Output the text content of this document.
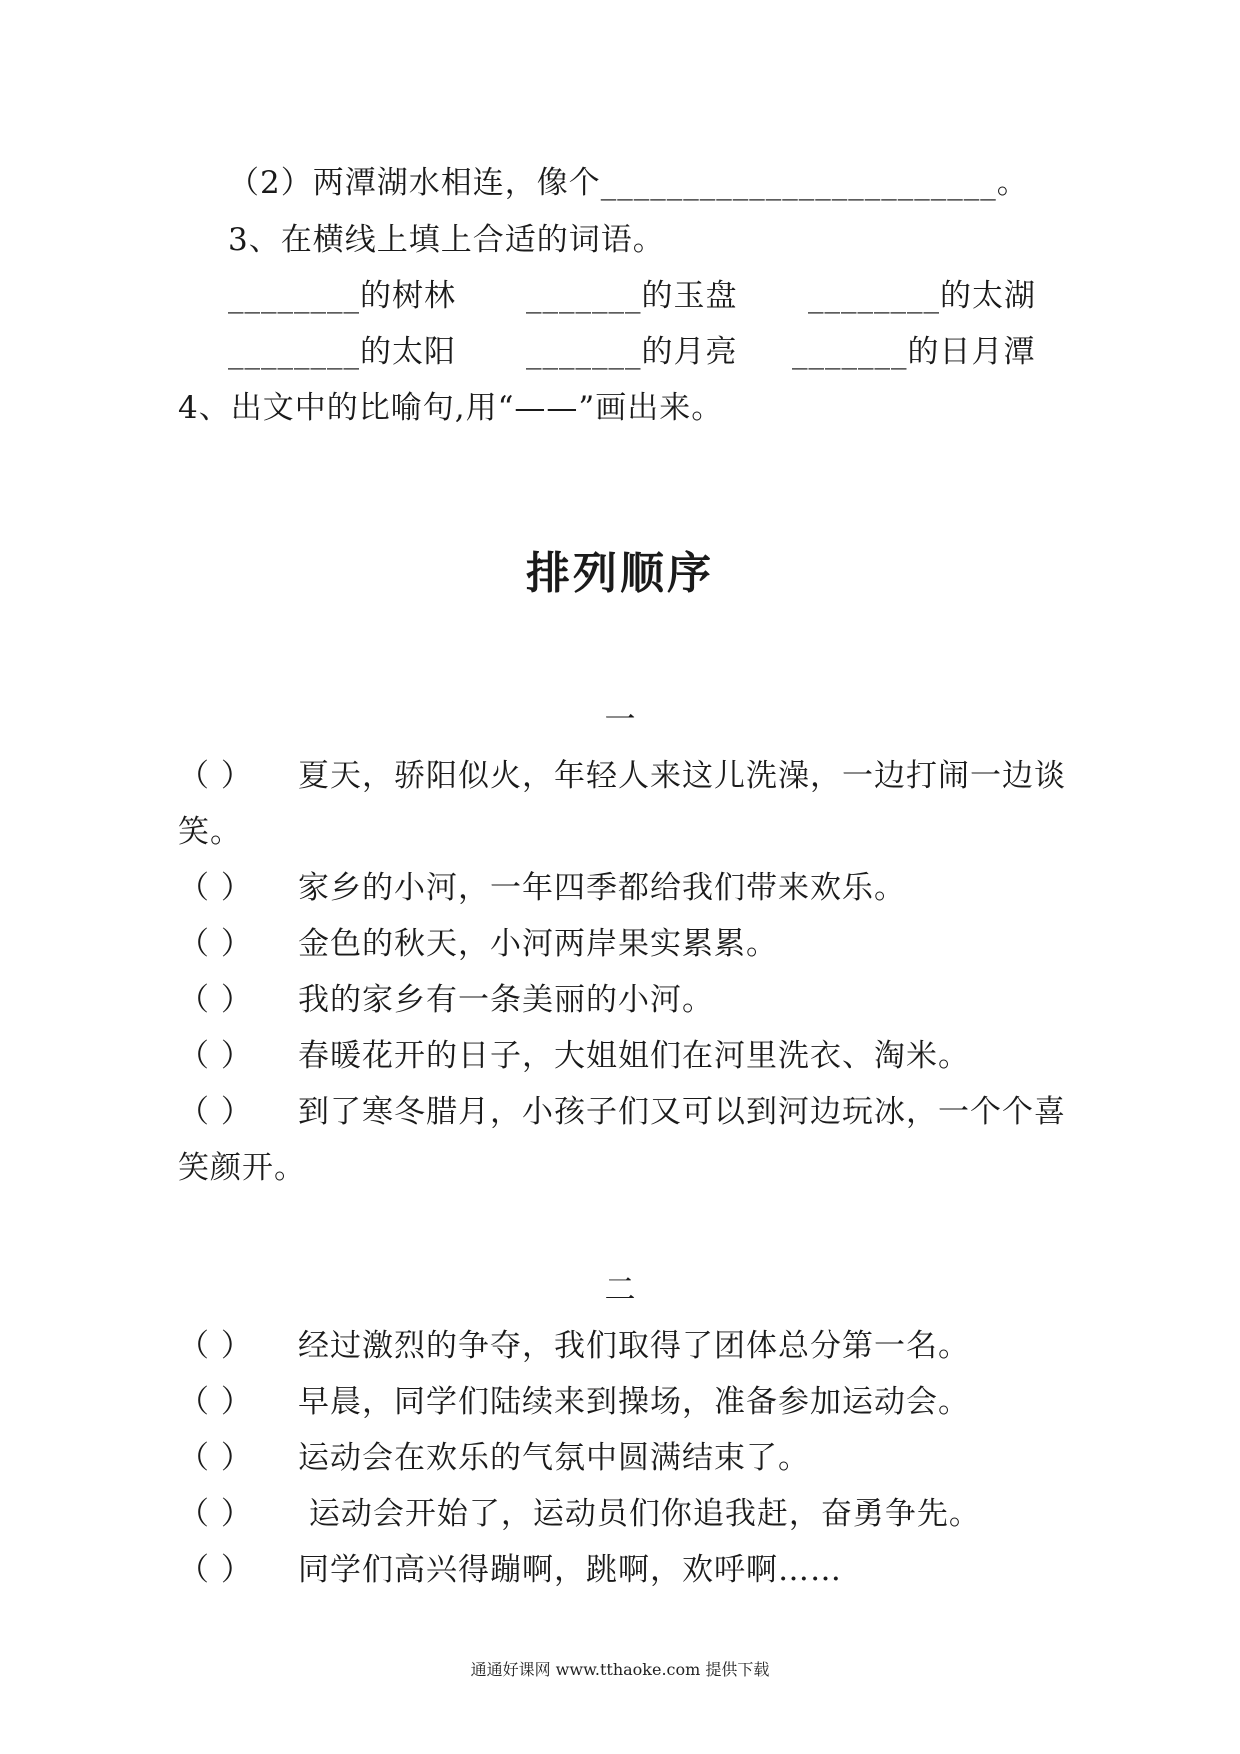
（2）两潭湖水相连，像个________________________。
3、在横线上填上合适的词语。
________的树林 _______的玉盘 ________的太湖
________的太阳 _______的月亮 _______的日月潭
4、出文中的比喻句,用“——”画出来。
排列顺序
一
（ ） 夏天，骄阳似火，年轻人来这儿洗澡，一边打闹一边谈
笑。
（ ） 家乡的小河，一年四季都给我们带来欢乐。
（ ） 金色的秋天，小河两岸果实累累。
（ ） 我的家乡有一条美丽的小河。
（ ） 春暖花开的日子，大姐姐们在河里洗衣、淘米。
（ ） 到了寒冬腊月，小孩子们又可以到河边玩冰，一个个喜
笑颜开。
二
（ ） 经过激烈的争夺，我们取得了团体总分第一名。
（ ） 早晨，同学们陆续来到操场，准备参加运动会。
（ ） 运动会在欢乐的气氛中圆满结束了。
（ ） 运动会开始了，运动员们你追我赶，奋勇争先。
（ ） 同学们高兴得蹦啊，跳啊，欢呼啊……
通通好课网 www.tthaoke.com 提供下载
